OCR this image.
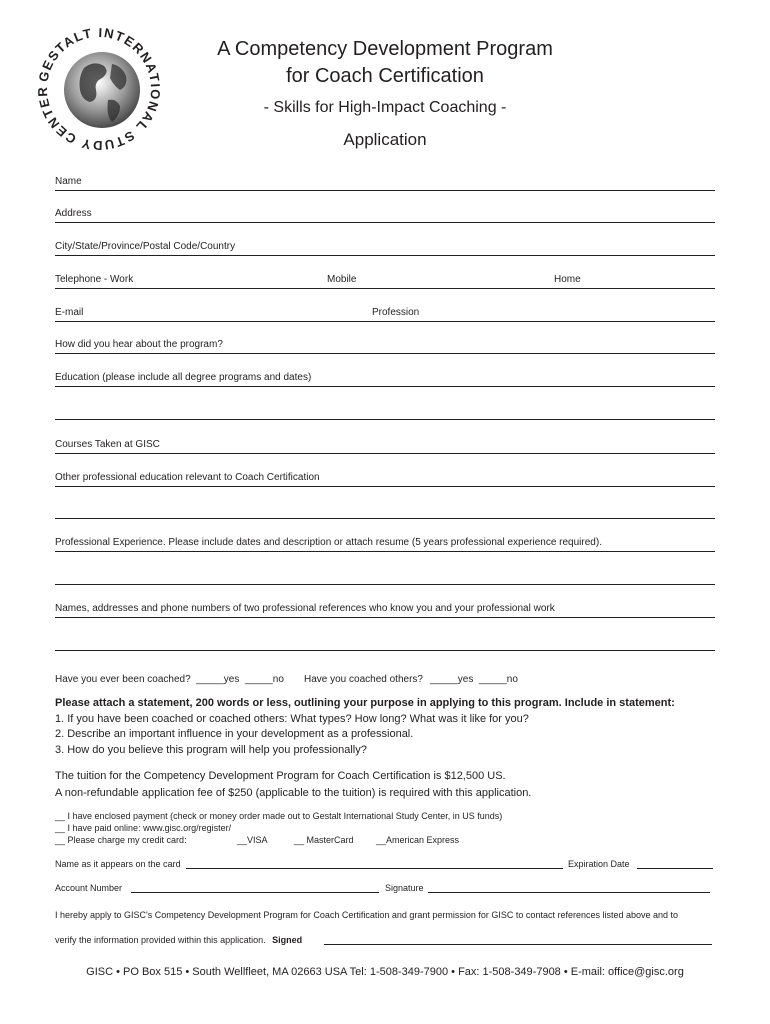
GESTALT INTERNATIONAL STUDY CENTER
A Competency Development Program
for Coach Certification
- Skills for High-Impact Coaching -
Application
Name
Address
City/State/Province/Postal Code/Country
Telephone - Work	Mobile	Home
E-mail	Profession
How did you hear about the program?
Education (please include all degree programs and dates)
Courses Taken at GISC
Other professional education relevant to Coach Certification
Professional Experience. Please include dates and description or attach resume (5 years professional experience required).
Names, addresses and phone numbers of two professional references who know you and your professional work
Have you ever been coached? _____yes _____no Have you coached others? _____yes _____no
Please attach a statement, 200 words or less, outlining your purpose in applying to this program. Include in statement:
1. If you have been coached or coached others: What types? How long? What was it like for you?
2. Describe an important influence in your development as a professional.
3. How do you believe this program will help you professionally?
The tuition for the Competency Development Program for Coach Certification is $12,500 US.
A non-refundable application fee of $250 (applicable to the tuition) is required with this application.
__ I have enclosed payment (check or money order made out to Gestalt International Study Center, in US funds)
__ I have paid online: www.gisc.org/register/
__ Please charge my credit card:	__VISA	__ MasterCard __American Express
Name as it appears on the card	Expiration Date
Account Number	Signature
I hereby apply to GISC's Competency Development Program for Coach Certification and grant permission for GISC to contact references listed above and to
verify the information provided within this application. Signed
GISC • PO Box 515 • South Wellfleet, MA 02663 USA Tel: 1-508-349-7900 • Fax: 1-508-349-7908 • E-mail: office@gisc.org
